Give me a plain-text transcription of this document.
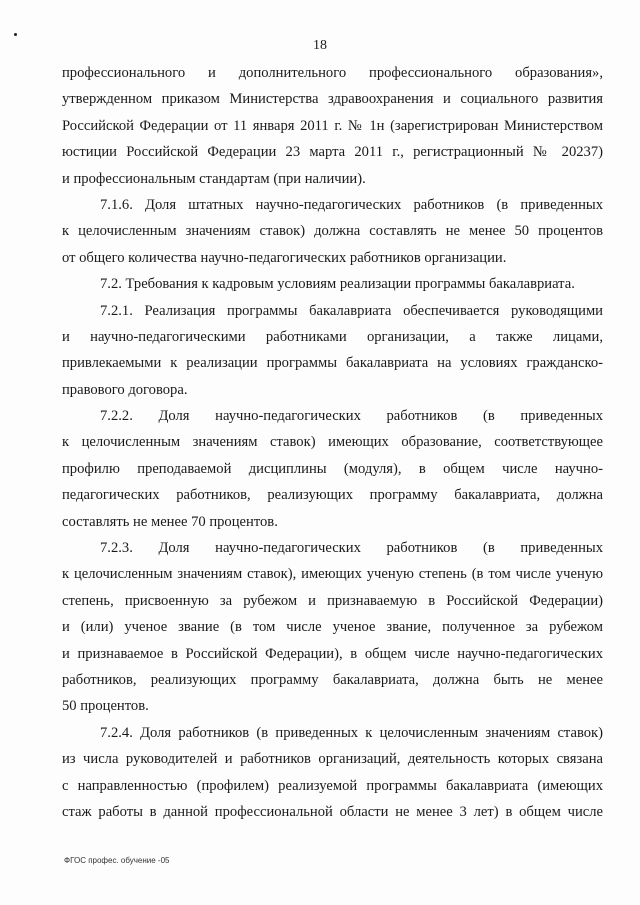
18
профессионального и дополнительного профессионального образования»,
утвержденном приказом Министерства здравоохранения и социального развития
Российской Федерации от 11 января 2011 г. № 1н (зарегистрирован Министерством
юстиции Российской Федерации 23 марта 2011 г., регистрационный № 20237)
и профессиональным стандартам (при наличии).
7.1.6. Доля штатных научно-педагогических работников (в приведенных
к целочисленным значениям ставок) должна составлять не менее 50 процентов
от общего количества научно-педагогических работников организации.
7.2. Требования к кадровым условиям реализации программы бакалавриата.
7.2.1. Реализация программы бакалавриата обеспечивается руководящими
и научно-педагогическими работниками организации, а также лицами,
привлекаемыми к реализации программы бакалавриата на условиях гражданско-
правового договора.
7.2.2. Доля научно-педагогических работников (в приведенных
к целочисленным значениям ставок) имеющих образование, соответствующее
профилю преподаваемой дисциплины (модуля), в общем числе научно-
педагогических работников, реализующих программу бакалавриата, должна
составлять не менее 70 процентов.
7.2.3. Доля научно-педагогических работников (в приведенных
к целочисленным значениям ставок), имеющих ученую степень (в том числе ученую
степень, присвоенную за рубежом и признаваемую в Российской Федерации)
и (или) ученое звание (в том числе ученое звание, полученное за рубежом
и признаваемое в Российской Федерации), в общем числе научно-педагогических
работников, реализующих программу бакалавриата, должна быть не менее
50 процентов.
7.2.4. Доля работников (в приведенных к целочисленным значениям ставок)
из числа руководителей и работников организаций, деятельность которых связана
с направленностью (профилем) реализуемой программы бакалавриата (имеющих
стаж работы в данной профессиональной области не менее 3 лет) в общем числе
ФГОС профес. обучение -05
